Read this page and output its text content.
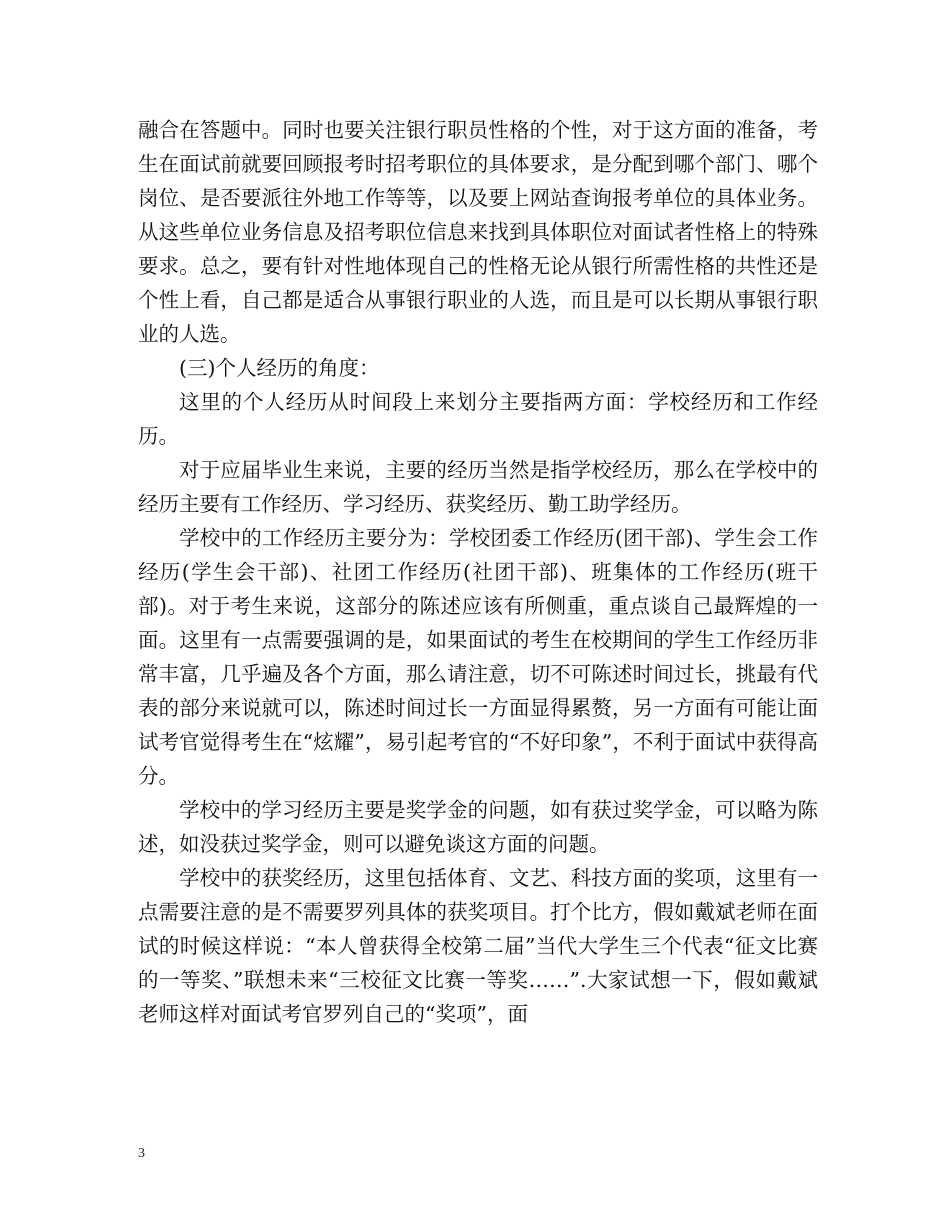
融合在答题中。同时也要关注银行职员性格的个性，对于这方面的准备，考生在面试前就要回顾报考时招考职位的具体要求，是分配到哪个部门、哪个岗位、是否要派往外地工作等等，以及要上网站查询报考单位的具体业务。从这些单位业务信息及招考职位信息来找到具体职位对面试者性格上的特殊要求。总之，要有针对性地体现自己的性格无论从银行所需性格的共性还是个性上看，自己都是适合从事银行职业的人选，而且是可以长期从事银行职业的人选。

(三)个人经历的角度：

这里的个人经历从时间段上来划分主要指两方面：学校经历和工作经历。

对于应届毕业生来说，主要的经历当然是指学校经历，那么在学校中的经历主要有工作经历、学习经历、获奖经历、勤工助学经历。

学校中的工作经历主要分为：学校团委工作经历(团干部)、学生会工作经历(学生会干部)、社团工作经历(社团干部)、班集体的工作经历(班干部)。对于考生来说，这部分的陈述应该有所侧重，重点谈自己最辉煌的一面。这里有一点需要强调的是，如果面试的考生在校期间的学生工作经历非常丰富，几乎遍及各个方面，那么请注意，切不可陈述时间过长，挑最有代表的部分来说就可以，陈述时间过长一方面显得累赘，另一方面有可能让面试考官觉得考生在“炫耀”，易引起考官的“不好印象”，不利于面试中获得高分。

学校中的学习经历主要是奖学金的问题，如有获过奖学金，可以略为陈述，如没获过奖学金，则可以避免谈这方面的问题。

学校中的获奖经历，这里包括体育、文艺、科技方面的奖项，这里有一点需要注意的是不需要罗列具体的获奖项目。打个比方，假如戴斌老师在面试的时候这样说：“本人曾获得全校第二届”当代大学生三个代表“征文比赛的一等奖、”联想未来“三校征文比赛一等奖……”.大家试想一下，假如戴斌老师这样对面试考官罗列自己的“奖项”，面

3
